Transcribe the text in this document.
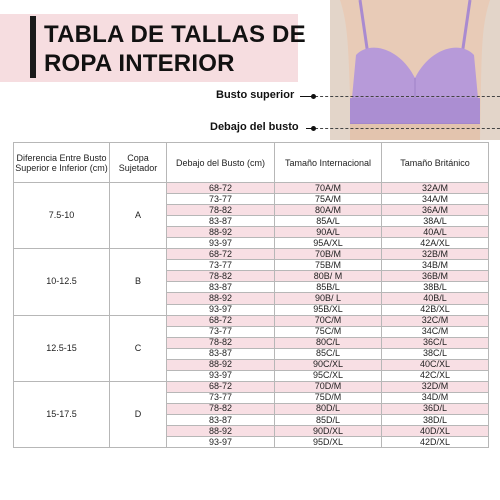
TABLA DE TALLAS DE
ROPA INTERIOR
Busto superior
Debajo del busto
Diferencia Entre Busto Superior e Inferior (cm)	Copa Sujetador	Debajo del Busto (cm)	Tamaño Internacional	Tamaño Británico
7.5-10	A	68-72	70A/M	32A/M
		73-77	75A/M	34A/M
		78-82	80A/M	36A/M
		83-87	85A/L	38A/L
		88-92	90A/L	40A/L
		93-97	95A/XL	42A/XL
10-12.5	B	68-72	70B/M	32B/M
		73-77	75B/M	34B/M
		78-82	80B/ M	36B/M
		83-87	85B/L	38B/L
		88-92	90B/ L	40B/L
		93-97	95B/XL	42B/XL
12.5-15	C	68-72	70C/M	32C/M
		73-77	75C/M	34C/M
		78-82	80C/L	36C/L
		83-87	85C/L	38C/L
		88-92	90C/XL	40C/XL
		93-97	95C/XL	42C/XL
15-17.5	D	68-72	70D/M	32D/M
		73-77	75D/M	34D/M
		78-82	80D/L	36D/L
		83-87	85D/L	38D/L
		88-92	90D/XL	40D/XL
		93-97	95D/XL	42D/XL
